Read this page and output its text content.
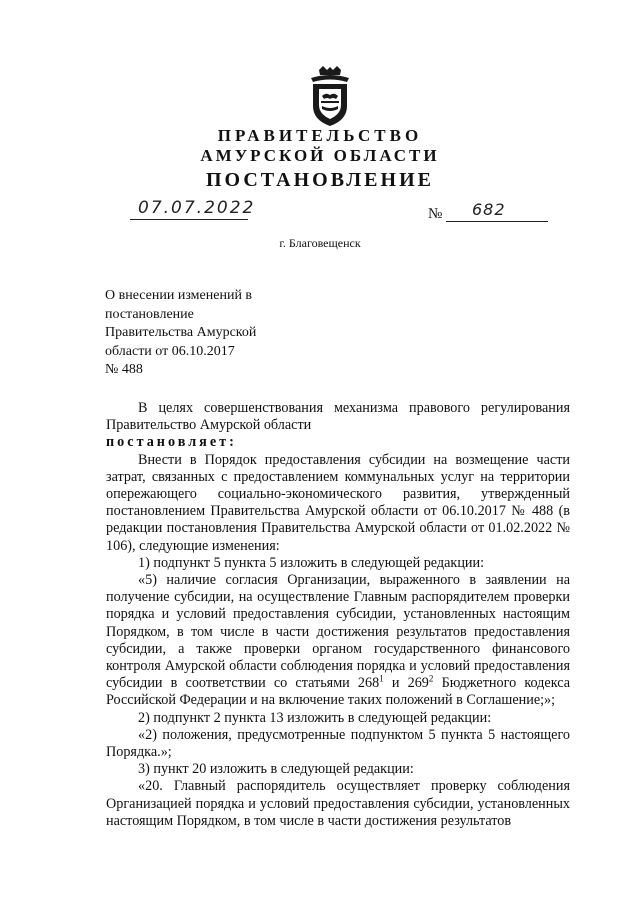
ПРАВИТЕЛЬСТВО
АМУРСКОЙ ОБЛАСТИ
ПОСТАНОВЛЕНИЕ
07.07.2022	№ 682
г. Благовещенск
О внесении изменений в
постановление
Правительства Амурской
области от 06.10.2017
№ 488

В целях совершенствования механизма правового регулирования Правительство Амурской области

постановляет:

Внести в Порядок предоставления субсидии на возмещение части затрат, связанных с предоставлением коммунальных услуг на территории опережающего социально-экономического развития, утвержденный постановлением Правительства Амурской области от 06.10.2017 № 488 (в редакции постановления Правительства Амурской области от 01.02.2022 № 106), следующие изменения:

1) подпункт 5 пункта 5 изложить в следующей редакции:

«5) наличие согласия Организации, выраженного в заявлении на получение субсидии, на осуществление Главным распорядителем проверки порядка и условий предоставления субсидии, установленных настоящим Порядком, в том числе в части достижения результатов предоставления субсидии, а также проверки органом государственного финансового контроля Амурской области соблюдения порядка и условий предоставления субсидии в соответствии со статьями $268^1$ и $269^2$ Бюджетного кодекса Российской Федерации и на включение таких положений в Соглашение;»;

2) подпункт 2 пункта 13 изложить в следующей редакции:

«2) положения, предусмотренные подпунктом 5 пункта 5 настоящего Порядка.»;

3) пункт 20 изложить в следующей редакции:

«20. Главный распорядитель осуществляет проверку соблюдения Организацией порядка и условий предоставления субсидии, установленных настоящим Порядком, в том числе в части достижения результатов
